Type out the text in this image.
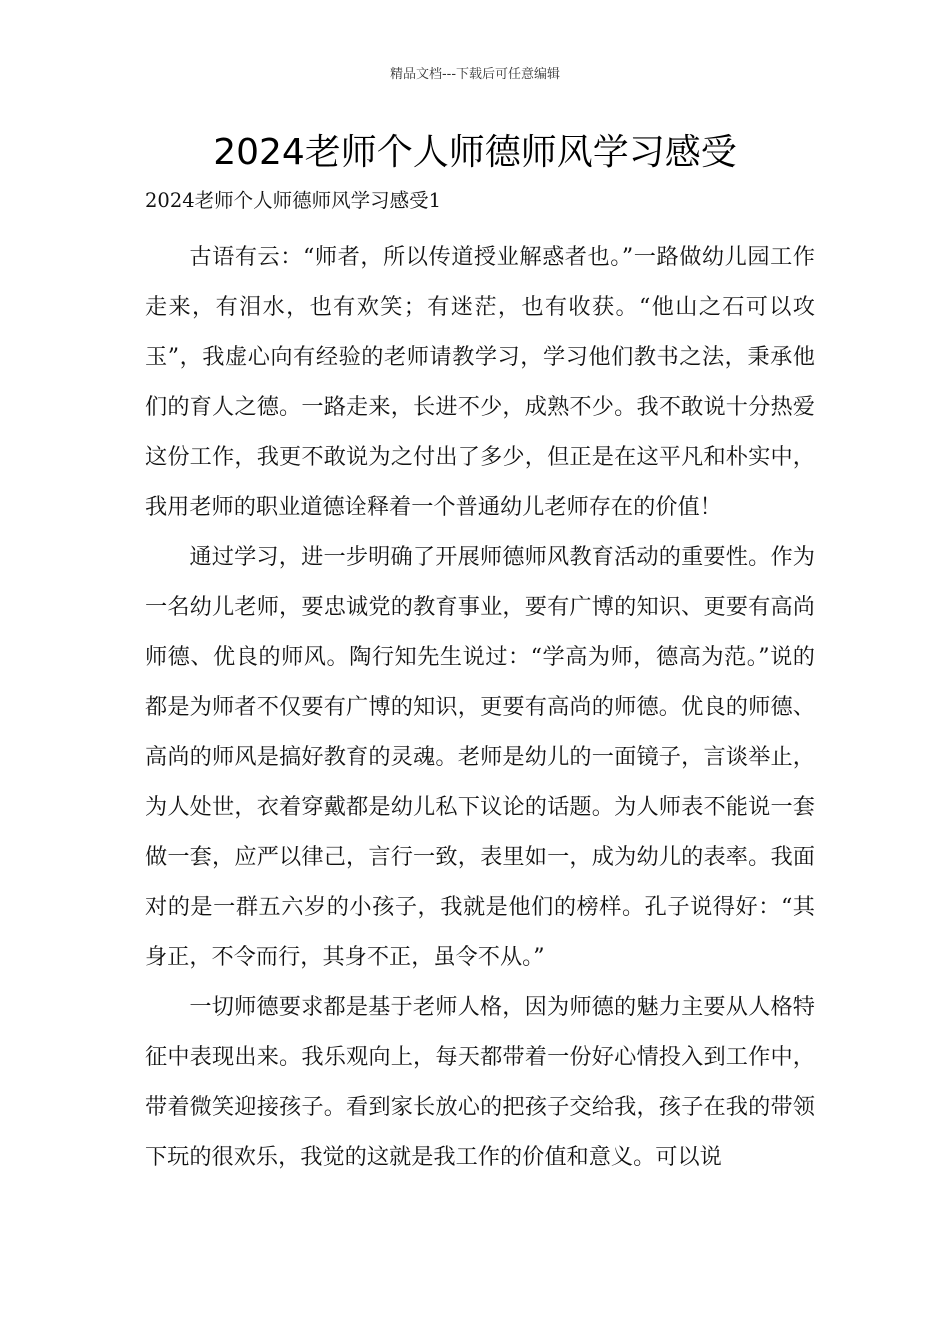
精品文档---下载后可任意编辑
2024老师个人师德师风学习感受

2024老师个人师德师风学习感受1

古语有云：“师者，所以传道授业解惑者也。”一路做幼儿园工作走来，有泪水，也有欢笑；有迷茫，也有收获。“他山之石可以攻玉”，我虚心向有经验的老师请教学习，学习他们教书之法，秉承他们的育人之德。一路走来，长进不少，成熟不少。我不敢说十分热爱这份工作，我更不敢说为之付出了多少，但正是在这平凡和朴实中，我用老师的职业道德诠释着一个普通幼儿老师存在的价值！

通过学习，进一步明确了开展师德师风教育活动的重要性。作为一名幼儿老师，要忠诚党的教育事业，要有广博的知识、更要有高尚师德、优良的师风。陶行知先生说过：“学高为师，德高为范。”说的都是为师者不仅要有广博的知识，更要有高尚的师德。优良的师德、高尚的师风是搞好教育的灵魂。老师是幼儿的一面镜子，言谈举止，为人处世，衣着穿戴都是幼儿私下议论的话题。为人师表不能说一套做一套，应严以律己，言行一致，表里如一，成为幼儿的表率。我面对的是一群五六岁的小孩子，我就是他们的榜样。孔子说得好：“其身正，不令而行，其身不正，虽令不从。”

一切师德要求都是基于老师人格，因为师德的魅力主要从人格特征中表现出来。我乐观向上，每天都带着一份好心情投入到工作中，带着微笑迎接孩子。看到家长放心的把孩子交给我，孩子在我的带领下玩的很欢乐，我觉的这就是我工作的价值和意义。可以说
